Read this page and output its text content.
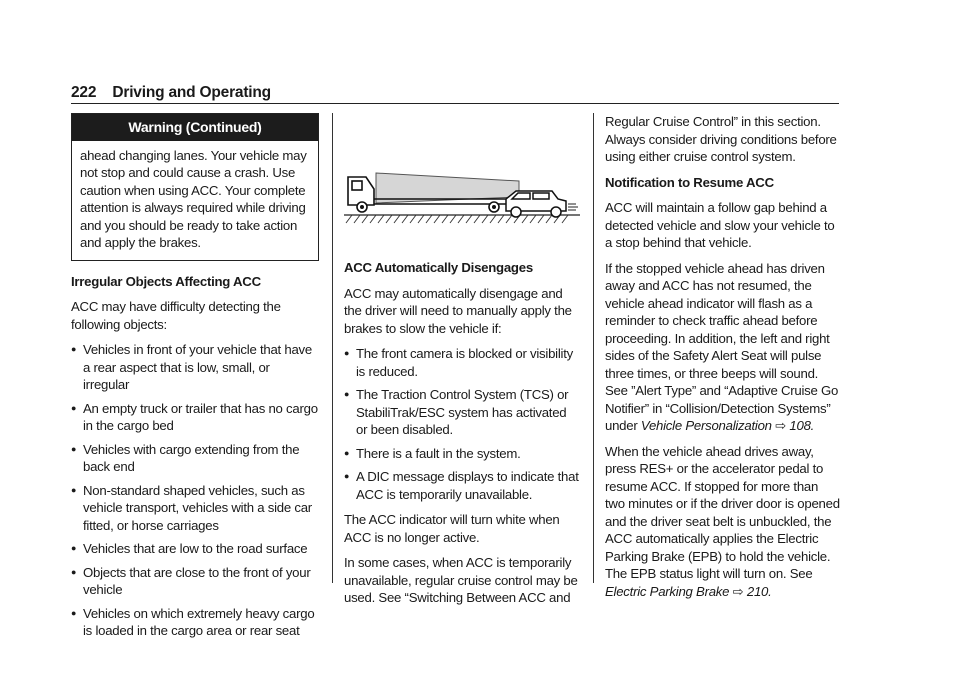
222 Driving and Operating
Warning (Continued)
ahead changing lanes. Your vehicle may not stop and could cause a crash. Use caution when using ACC. Your complete attention is always required while driving and you should be ready to take action and apply the brakes.
Irregular Objects Affecting ACC

ACC may have difficulty detecting the following objects:

● Vehicles in front of your vehicle that have a rear aspect that is low, small, or irregular
● An empty truck or trailer that has no cargo in the cargo bed
● Vehicles with cargo extending from the back end
● Non-standard shaped vehicles, such as vehicle transport, vehicles with a side car fitted, or horse carriages
● Vehicles that are low to the road surface
● Objects that are close to the front of your vehicle
● Vehicles on which extremely heavy cargo is loaded in the cargo area or rear seat
ACC Automatically Disengages

ACC may automatically disengage and the driver will need to manually apply the brakes to slow the vehicle if:

● The front camera is blocked or visibility is reduced.
● The Traction Control System (TCS) or StabiliTrak/ESC system has activated or been disabled.
● There is a fault in the system.
● A DIC message displays to indicate that ACC is temporarily unavailable.

The ACC indicator will turn white when ACC is no longer active.

In some cases, when ACC is temporarily unavailable, regular cruise control may be used. See “Switching Between ACC and

Regular Cruise Control” in this section. Always consider driving conditions before using either cruise control system.

Notification to Resume ACC

ACC will maintain a follow gap behind a detected vehicle and slow your vehicle to a stop behind that vehicle.

If the stopped vehicle ahead has driven away and ACC has not resumed, the vehicle ahead indicator will flash as a reminder to check traffic ahead before proceeding. In addition, the left and right sides of the Safety Alert Seat will pulse three times, or three beeps will sound. See ”Alert Type” and “Adaptive Cruise Go Notifier” in “Collision/Detection Systems” under Vehicle Personalization ⇨ 108.

When the vehicle ahead drives away, press RES+ or the accelerator pedal to resume ACC. If stopped for more than two minutes or if the driver door is opened and the driver seat belt is unbuckled, the ACC automatically applies the Electric Parking Brake (EPB) to hold the vehicle. The EPB status light will turn on. See Electric Parking Brake ⇨ 210.
